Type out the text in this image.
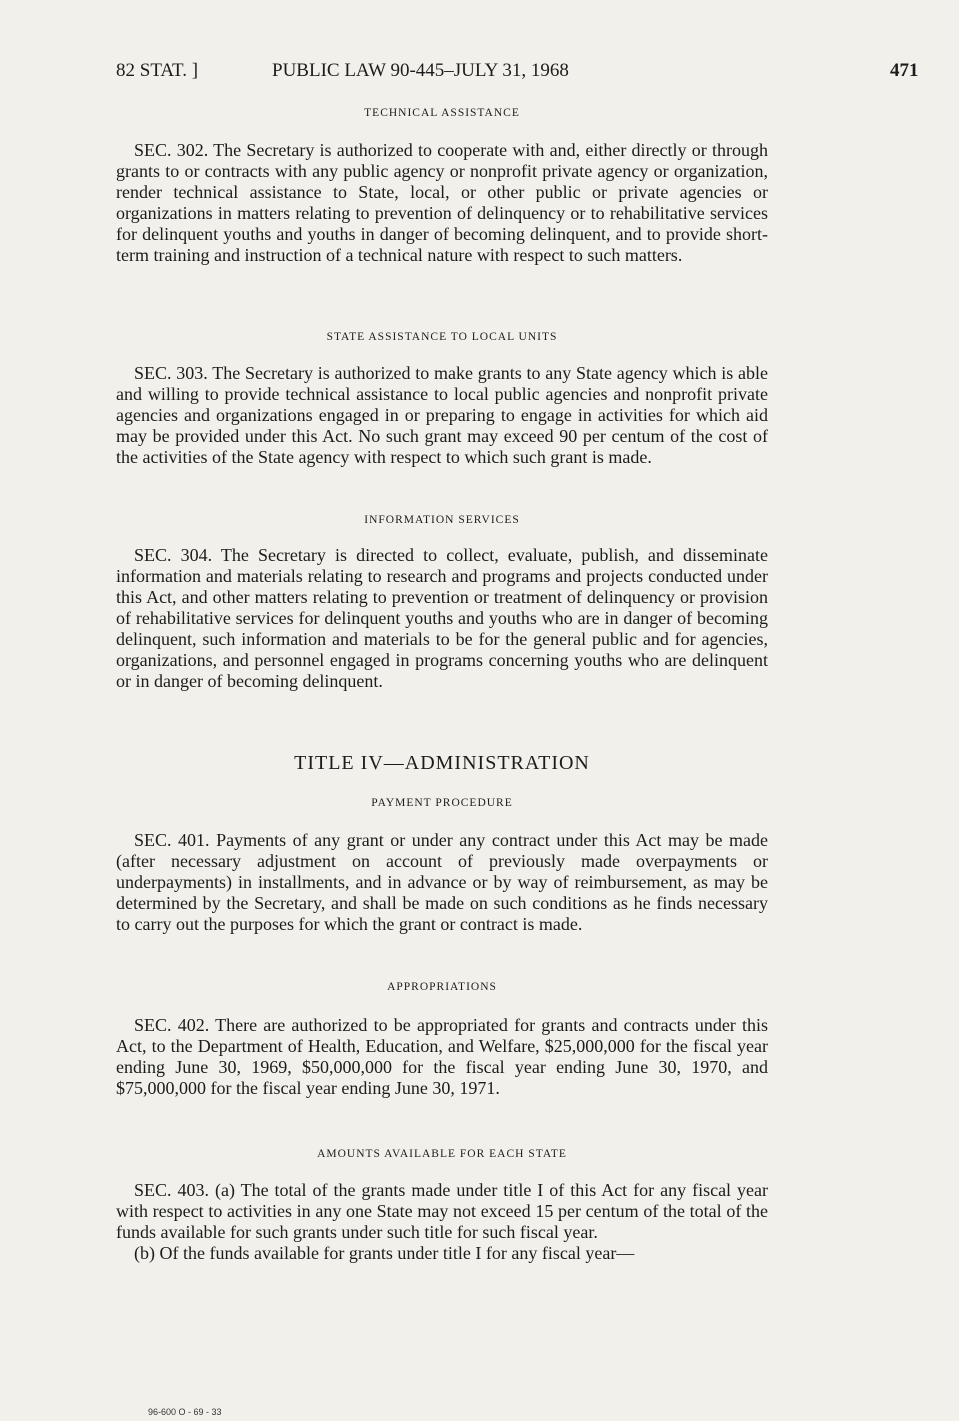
82 STAT. ]	PUBLIC LAW 90-445–JULY 31, 1968	471
TECHNICAL ASSISTANCE

SEC. 302. The Secretary is authorized to cooperate with and, either directly or through grants to or contracts with any public agency or nonprofit private agency or organization, render technical assistance to State, local, or other public or private agencies or organizations in matters relating to prevention of delinquency or to rehabilitative services for delinquent youths and youths in danger of becoming delinquent, and to provide short-term training and instruction of a technical nature with respect to such matters.

STATE ASSISTANCE TO LOCAL UNITS

SEC. 303. The Secretary is authorized to make grants to any State agency which is able and willing to provide technical assistance to local public agencies and nonprofit private agencies and organizations engaged in or preparing to engage in activities for which aid may be provided under this Act. No such grant may exceed 90 per centum of the cost of the activities of the State agency with respect to which such grant is made.

INFORMATION SERVICES

SEC. 304. The Secretary is directed to collect, evaluate, publish, and disseminate information and materials relating to research and programs and projects conducted under this Act, and other matters relating to prevention or treatment of delinquency or provision of rehabilitative services for delinquent youths and youths who are in danger of becoming delinquent, such information and materials to be for the general public and for agencies, organizations, and personnel engaged in programs concerning youths who are delinquent or in danger of becoming delinquent.

TITLE IV—ADMINISTRATION
PAYMENT PROCEDURE

SEC. 401. Payments of any grant or under any contract under this Act may be made (after necessary adjustment on account of previously made overpayments or underpayments) in installments, and in advance or by way of reimbursement, as may be determined by the Secretary, and shall be made on such conditions as he finds necessary to carry out the purposes for which the grant or contract is made.

APPROPRIATIONS

SEC. 402. There are authorized to be appropriated for grants and contracts under this Act, to the Department of Health, Education, and Welfare, $25,000,000 for the fiscal year ending June 30, 1969, $50,000,000 for the fiscal year ending June 30, 1970, and $75,000,000 for the fiscal year ending June 30, 1971.

AMOUNTS AVAILABLE FOR EACH STATE

SEC. 403. (a) The total of the grants made under title I of this Act for any fiscal year with respect to activities in any one State may not exceed 15 per centum of the total of the funds available for such grants under such title for such fiscal year.

(b) Of the funds available for grants under title I for any fiscal year—

96-600 O - 69 - 33
